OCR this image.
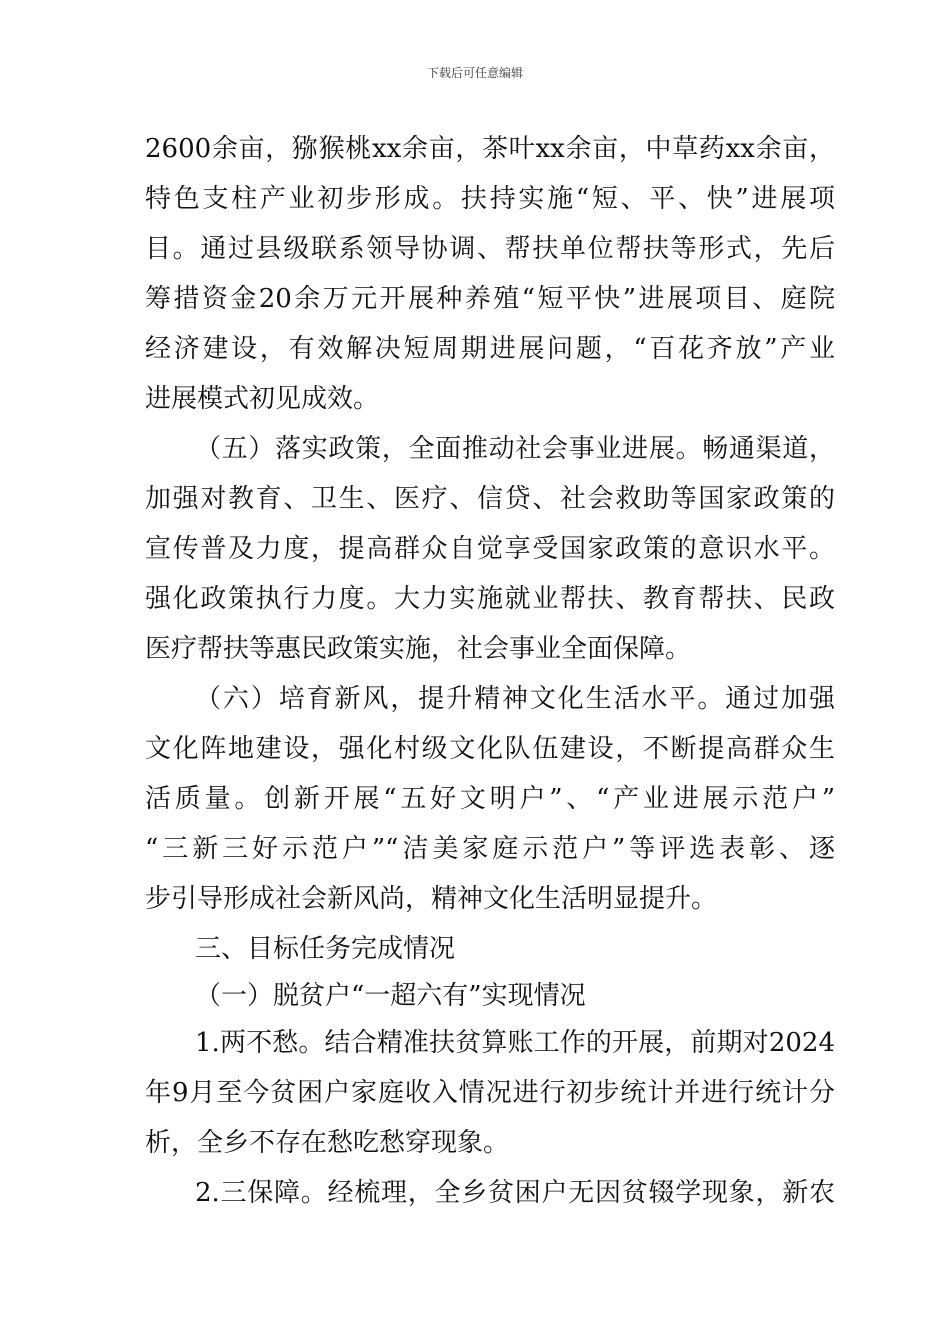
下载后可任意编辑
2600余亩，猕猴桃xx余亩，茶叶xx余亩，中草药xx余亩，
特色支柱产业初步形成。扶持实施“短、平、快”进展项
目。通过县级联系领导协调、帮扶单位帮扶等形式，先后
筹措资金20余万元开展种养殖“短平快”进展项目、庭院
经济建设，有效解决短周期进展问题，“百花齐放”产业
进展模式初见成效。
（五）落实政策，全面推动社会事业进展。畅通渠道，
加强对教育、卫生、医疗、信贷、社会救助等国家政策的
宣传普及力度，提高群众自觉享受国家政策的意识水平。
强化政策执行力度。大力实施就业帮扶、教育帮扶、民政
医疗帮扶等惠民政策实施，社会事业全面保障。
（六）培育新风，提升精神文化生活水平。通过加强
文化阵地建设，强化村级文化队伍建设，不断提高群众生
活质量。创新开展“五好文明户”、“产业进展示范户”
“三新三好示范户”“洁美家庭示范户”等评选表彰、逐
步引导形成社会新风尚，精神文化生活明显提升。
三、目标任务完成情况
（一）脱贫户“一超六有”实现情况
1.两不愁。结合精准扶贫算账工作的开展，前期对2024
年9月至今贫困户家庭收入情况进行初步统计并进行统计分
析，全乡不存在愁吃愁穿现象。
2.三保障。经梳理，全乡贫困户无因贫辍学现象，新农
